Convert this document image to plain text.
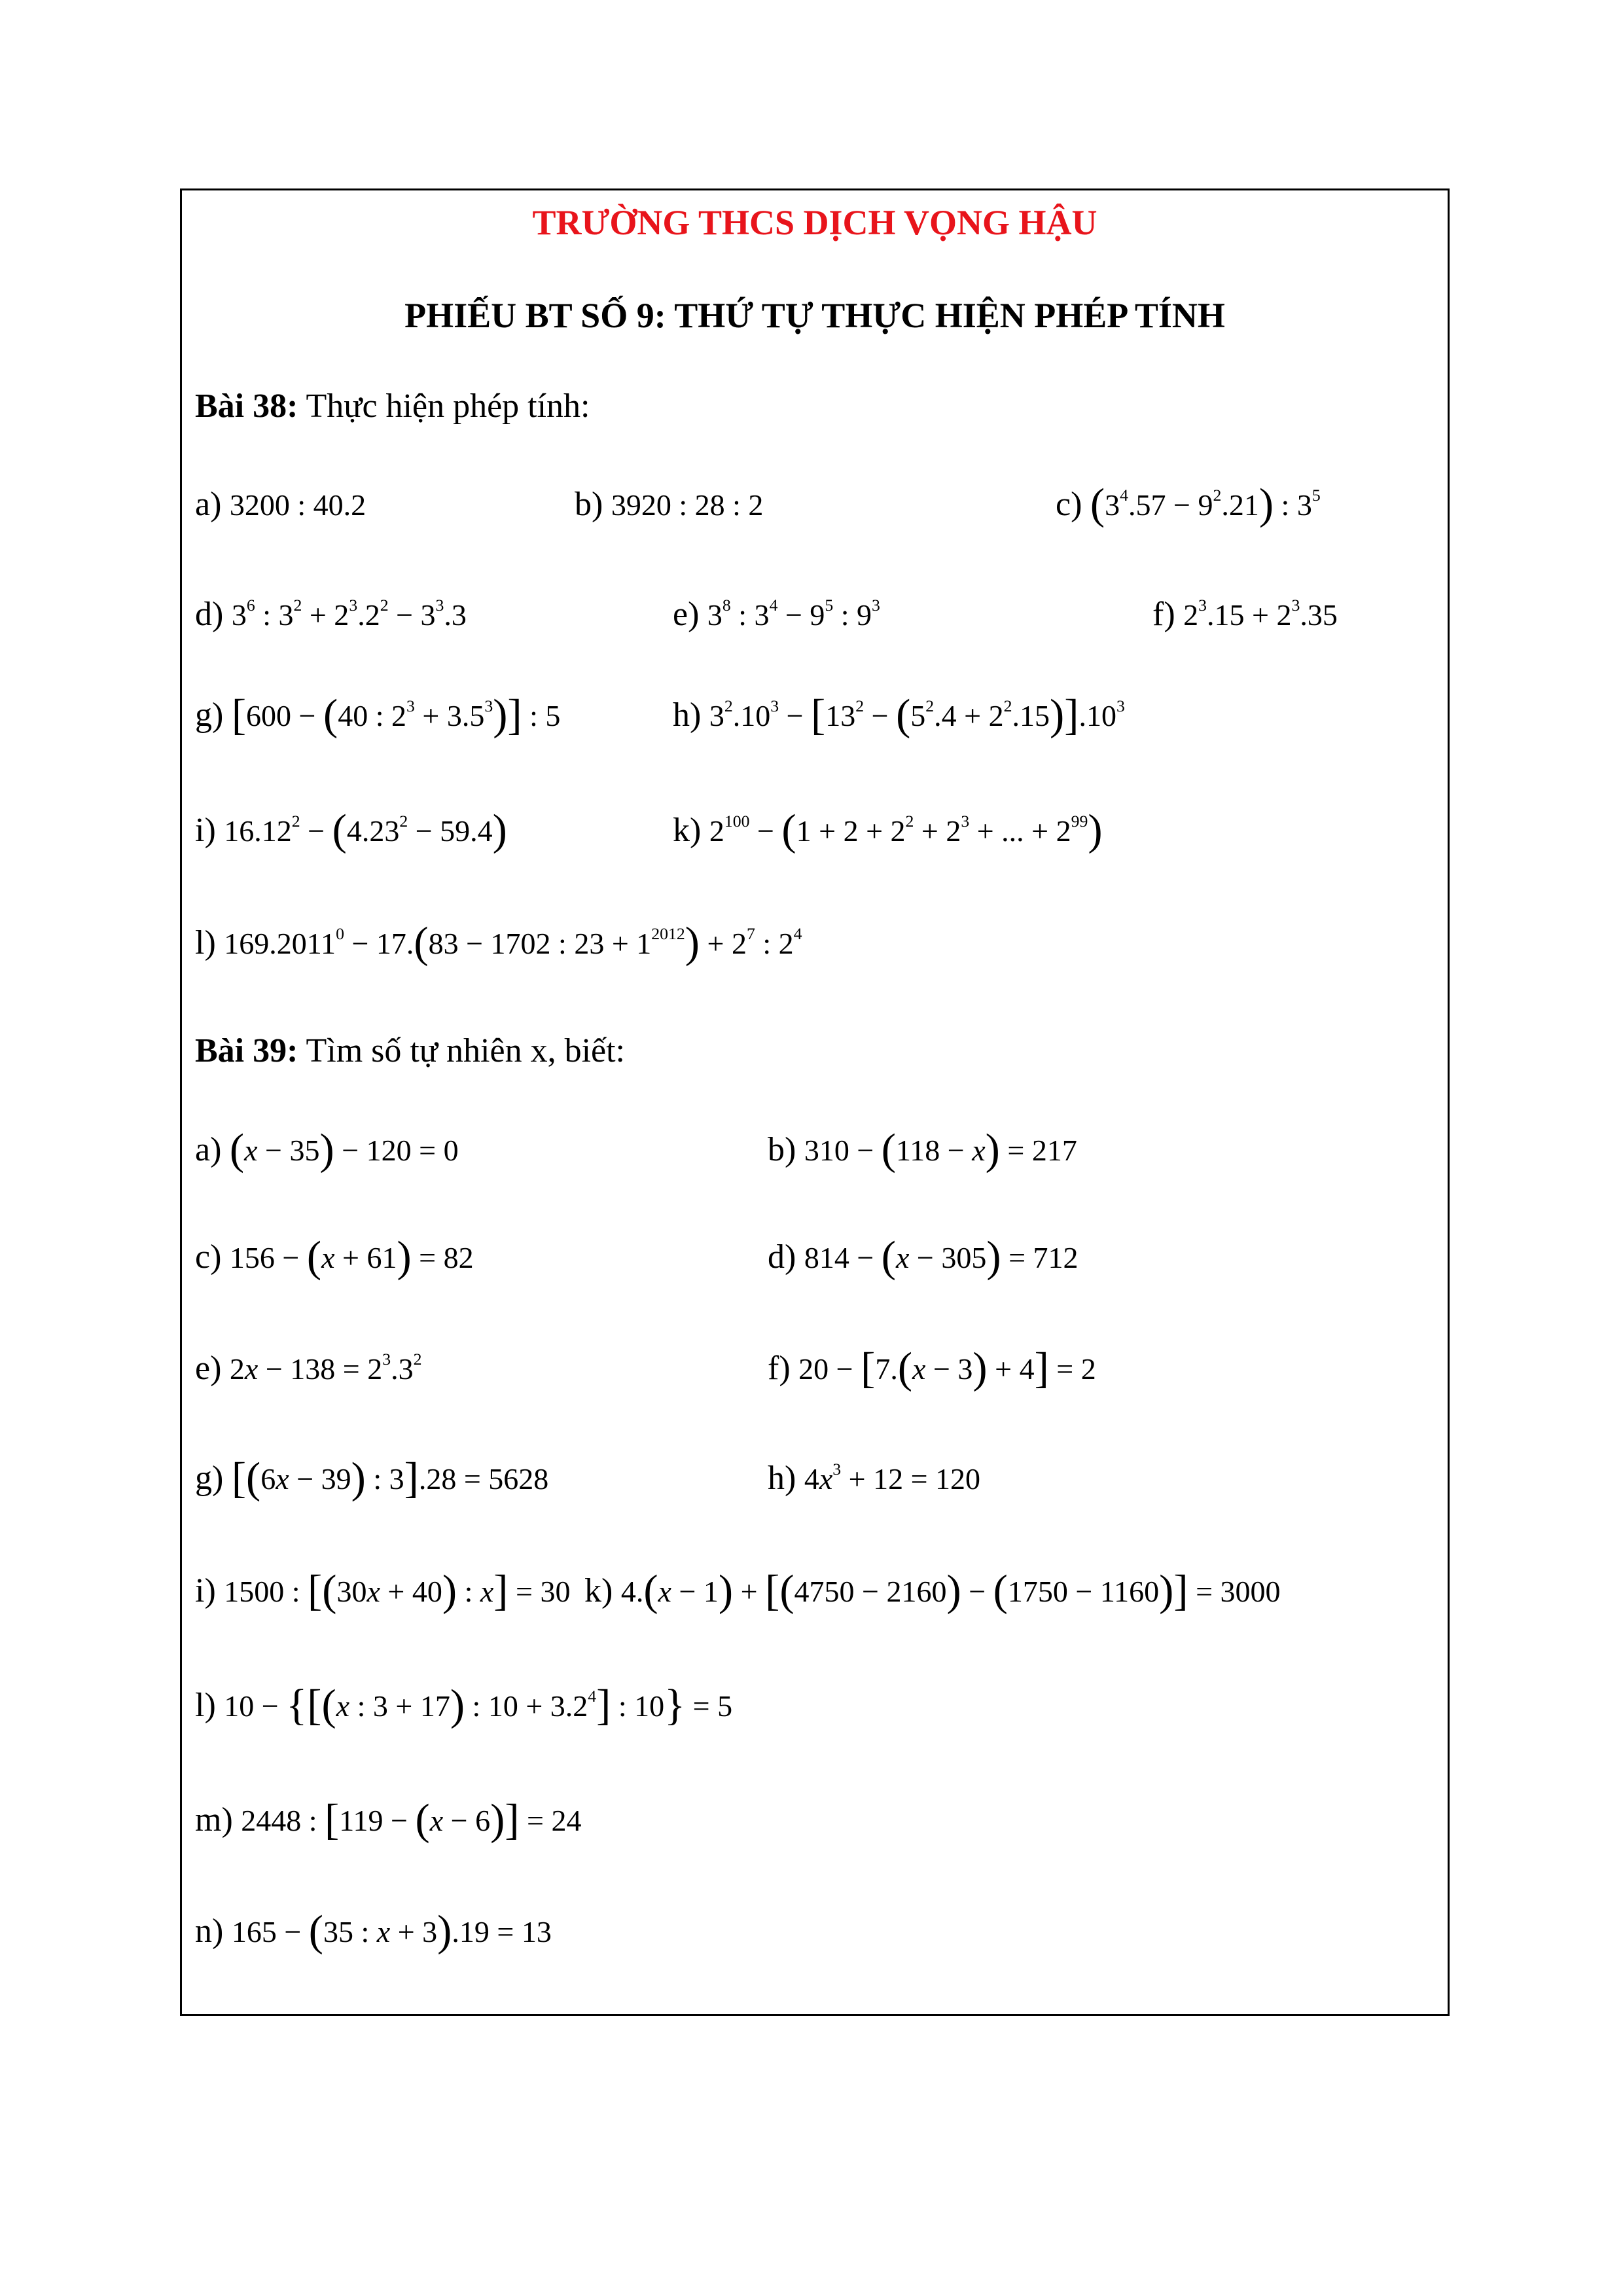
TRƯỜNG THCS DỊCH VỌNG HẬU
PHIẾU BT SỐ 9: THỨ TỰ THỰC HIỆN PHÉP TÍNH
Bài 38: Thực hiện phép tính:
a) 3200 : 40.2	b) 3920 : 28 : 2	c) $(3^4.57 - 9^2.21)$ : $3^5$
d) $3^6$ : $3^2 + 2^3.2^2 - 3^3.3$	e) $3^8$ : $3^4 - 9^5$ : $9^3$	f) $2^3.15 + 2^3.35$
g) [600 − (40 : $2^3 + 3.5^3$)] : 5	h) $3^2.10^3 - [13^2 - (5^2.4 + 2^2.15)].10^3$
i) $16.12^2 - (4.23^2 - 59.4)$	k) $2^{100} - (1 + 2 + 2^2 + 2^3$ + ... + $2^{99}$)
l) $169.2011^0 - 17.(83 - 1702$ : $23 + 1^{2012}) + 2^7$ : $2^4$
Bài 39: Tìm số tự nhiên x, biết:
a) (x − 35) − 120 = 0	b) 310 − (118 − x) = 217
c) 156 − (x + 61) = 82	d) 814 − (x − 305) = 712
e) $2x - 138 = 2^3.3^2$	f) 20 − [7.(x − 3) + 4] = 2
g) [(6x − 39) : 3].28 = 5628	h) $4x^3 + 12 = 120$
i) 1500 : [(30x + 40) : x] = 30 k) 4.(x − 1) + [(4750 − 2160) − (1750 − 1160)] = 3000
l) 10 − {[(x : 3 + 17) : $10 + 3.2^4$] : 10} = 5
m) 2448 : [119 − (x − 6)] = 24
n) 165 − (35 : x + 3).19 = 13
